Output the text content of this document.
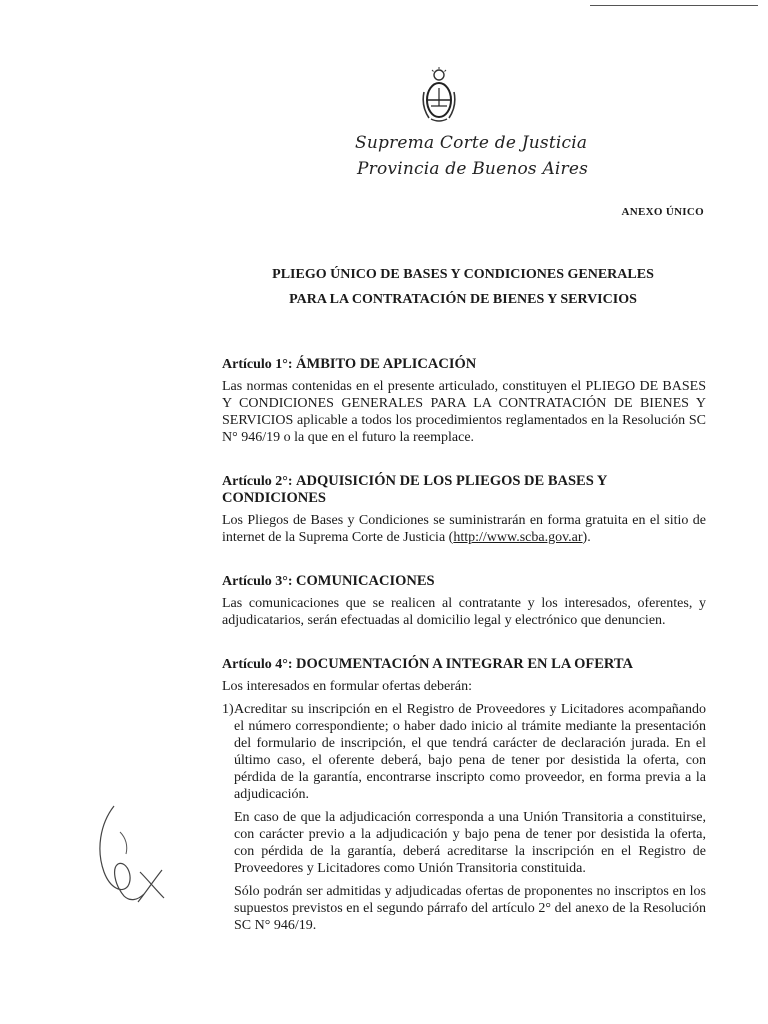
Suprema Corte de Justicia
Provincia de Buenos Aires
ANEXO ÚNICO
PLIEGO ÚNICO DE BASES Y CONDICIONES GENERALES
PARA LA CONTRATACIÓN DE BIENES Y SERVICIOS
Artículo 1°: ÁMBITO DE APLICACIÓN

Las normas contenidas en el presente articulado, constituyen el PLIEGO DE BASES Y CONDICIONES GENERALES PARA LA CONTRATACIÓN DE BIENES Y SERVICIOS aplicable a todos los procedimientos reglamentados en la Resolución SC N° 946/19 o la que en el futuro la reemplace.

Artículo 2°: ADQUISICIÓN DE LOS PLIEGOS DE BASES Y CONDICIONES

Los Pliegos de Bases y Condiciones se suministrarán en forma gratuita en el sitio de internet de la Suprema Corte de Justicia (http://www.scba.gov.ar).

Artículo 3°: COMUNICACIONES

Las comunicaciones que se realicen al contratante y los interesados, oferentes, y adjudicatarios, serán efectuadas al domicilio legal y electrónico que denuncien.

Artículo 4°: DOCUMENTACIÓN A INTEGRAR EN LA OFERTA

Los interesados en formular ofertas deberán:

1) Acreditar su inscripción en el Registro de Proveedores y Licitadores acompañando el número correspondiente; o haber dado inicio al trámite mediante la presentación del formulario de inscripción, el que tendrá carácter de declaración jurada. En el último caso, el oferente deberá, bajo pena de tener por desistida la oferta, con pérdida de la garantía, encontrarse inscripto como proveedor, en forma previa a la adjudicación.

En caso de que la adjudicación corresponda a una Unión Transitoria a constituirse, con carácter previo a la adjudicación y bajo pena de tener por desistida la oferta, con pérdida de la garantía, deberá acreditarse la inscripción en el Registro de Proveedores y Licitadores como Unión Transitoria constituida.

Sólo podrán ser admitidas y adjudicadas ofertas de proponentes no inscriptos en los supuestos previstos en el segundo párrafo del artículo 2° del anexo de la Resolución SC N° 946/19.
